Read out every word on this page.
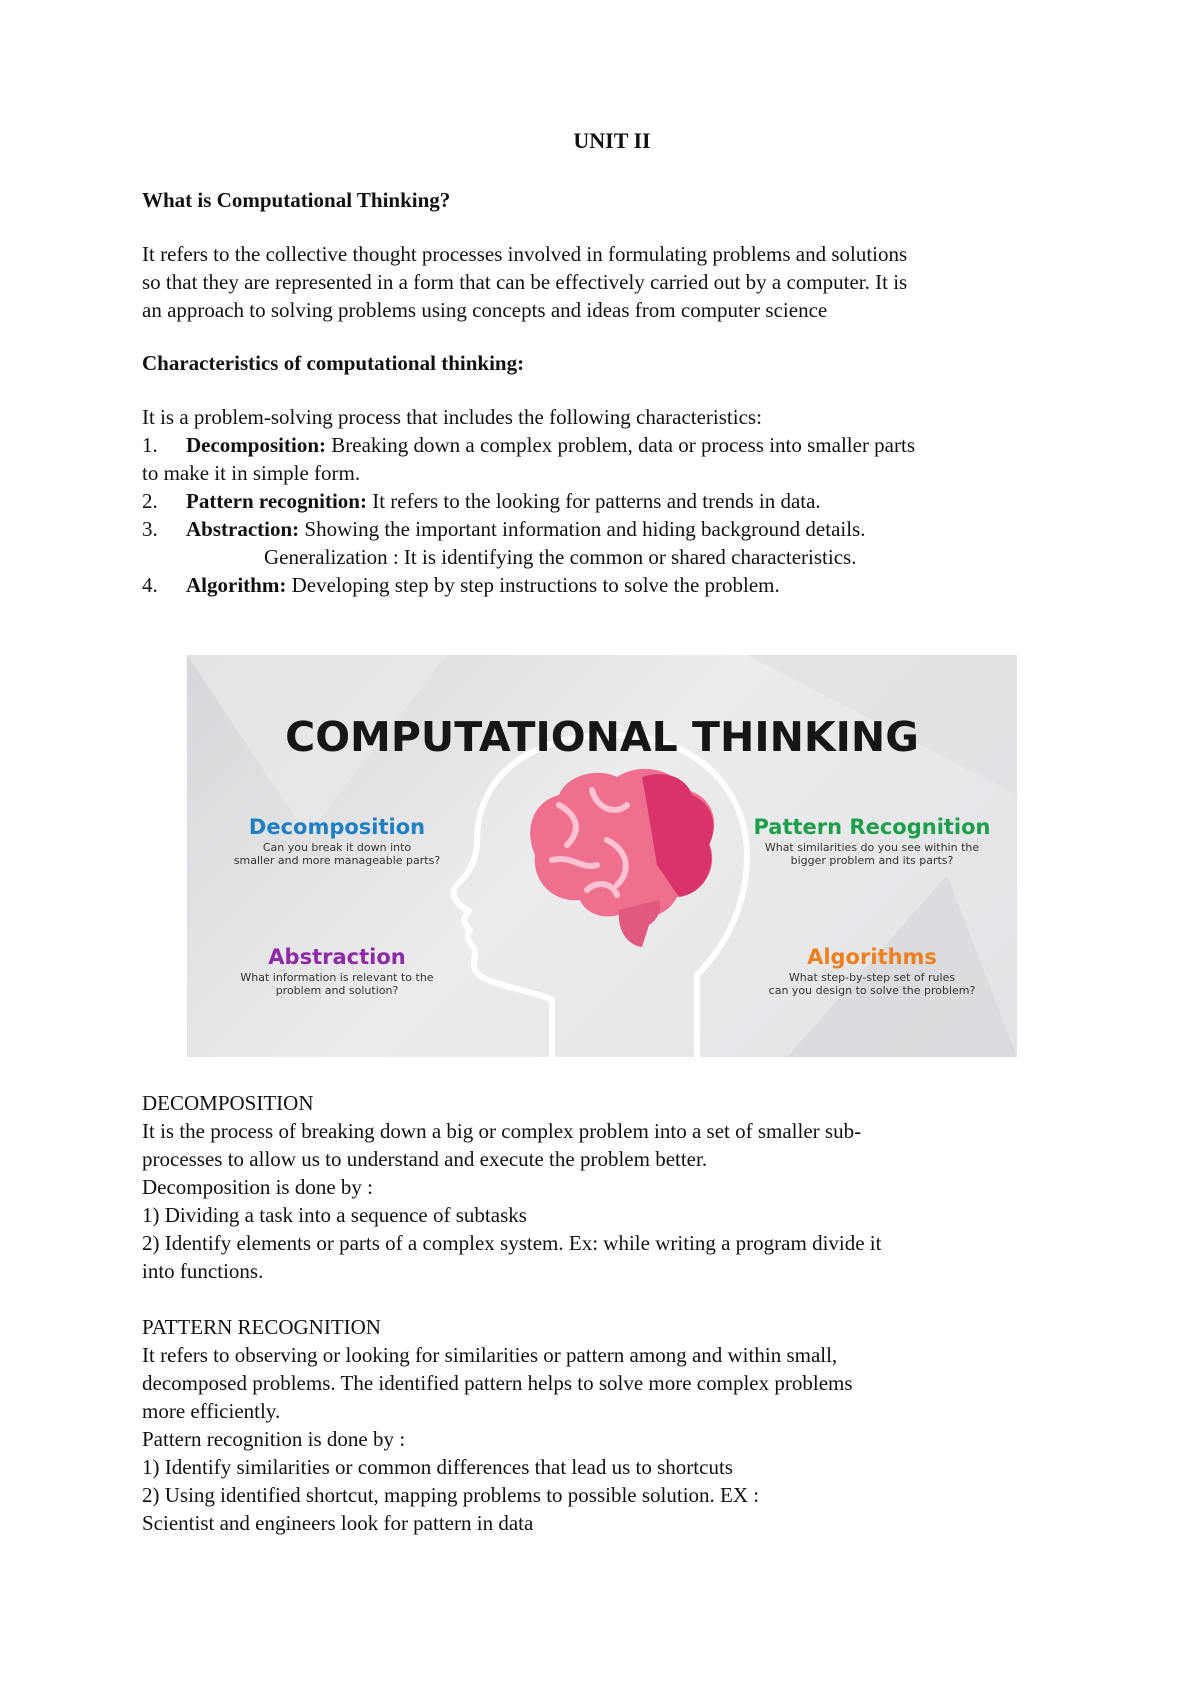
UNIT II

What is Computational Thinking?

It refers to the collective thought processes involved in formulating problems and solutions

so that they are represented in a form that can be effectively carried out by a computer. It is

an approach to solving problems using concepts and ideas from computer science

Characteristics of computational thinking:

It is a problem-solving process that includes the following characteristics:

1. Decomposition: Breaking down a complex problem, data or process into smaller parts
to make it in simple form.
2. Pattern recognition: It refers to the looking for patterns and trends in data.
3. Abstraction: Showing the important information and hiding background details.
Generalization : It is identifying the common or shared characteristics.
4. Algorithm: Developing step by step instructions to solve the problem.
COMPUTATIONAL THINKING
Decomposition
Can you break it down into
smaller and more manageable parts?
Pattern Recognition
What similarities do you see within the
bigger problem and its parts?
Abstraction
What information is relevant to the
problem and solution?
Algorithms
What step-by-step set of rules
can you design to solve the problem?

DECOMPOSITION

It is the process of breaking down a big or complex problem into a set of smaller sub-

processes to allow us to understand and execute the problem better.

Decomposition is done by :

1) Dividing a task into a sequence of subtasks

2) Identify elements or parts of a complex system. Ex: while writing a program divide it

into functions.

PATTERN RECOGNITION

It refers to observing or looking for similarities or pattern among and within small,

decomposed problems. The identified pattern helps to solve more complex problems

more efficiently.

Pattern recognition is done by :

1) Identify similarities or common differences that lead us to shortcuts

2) Using identified shortcut, mapping problems to possible solution. EX :

Scientist and engineers look for pattern in data
